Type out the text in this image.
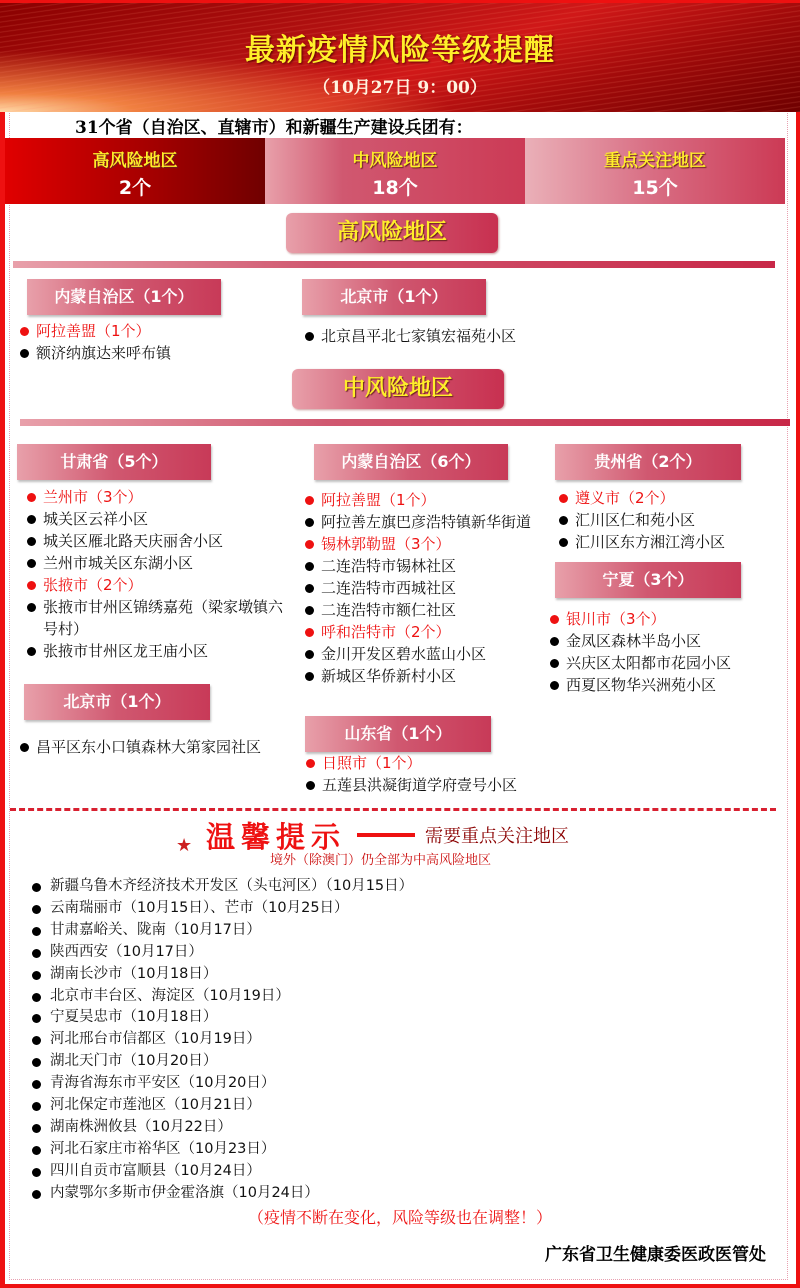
最新疫情风险等级提醒
（10月27日 9：00）
31个省（自治区、直辖市）和新疆生产建设兵团有：
高风险地区
2个
中风险地区
18个
重点关注地区
15个
高风险地区
内蒙自治区（1个）
阿拉善盟（1个）
额济纳旗达来呼布镇
北京市（1个）
北京昌平北七家镇宏福苑小区
中风险地区
甘肃省（5个）
兰州市（3个）
城关区云祥小区
城关区雁北路天庆丽舍小区
兰州市城关区东湖小区
张掖市（2个）
张掖市甘州区锦绣嘉苑（梁家墩镇六号村）
张掖市甘州区龙王庙小区
北京市（1个）
昌平区东小口镇森林大第家园社区
内蒙自治区（6个）
阿拉善盟（1个）
阿拉善左旗巴彦浩特镇新华街道
锡林郭勒盟（3个）
二连浩特市锡林社区
二连浩特市西城社区
二连浩特市额仁社区
呼和浩特市（2个）
金川开发区碧水蓝山小区
新城区华侨新村小区
山东省（1个）
日照市（1个）
五莲县洪凝街道学府壹号小区
贵州省（2个）
遵义市（2个）
汇川区仁和苑小区
汇川区东方湘江湾小区
宁夏（3个）
银川市（3个）
金凤区森林半岛小区
兴庆区太阳都市花园小区
西夏区物华兴洲苑小区
★ 温馨提示	需要重点关注地区
境外（除澳门）仍全部为中高风险地区
新疆乌鲁木齐经济技术开发区（头屯河区）（10月15日）
云南瑞丽市（10月15日）、芒市（10月25日）
甘肃嘉峪关、陇南（10月17日）
陕西西安（10月17日）
湖南长沙市（10月18日）
北京市丰台区、海淀区（10月19日）
宁夏吴忠市（10月18日）
河北邢台市信都区（10月19日）
湖北天门市（10月20日）
青海省海东市平安区（10月20日）
河北保定市莲池区（10月21日）
湖南株洲攸县（10月22日）
河北石家庄市裕华区（10月23日）
四川自贡市富顺县（10月24日）
内蒙鄂尔多斯市伊金霍洛旗（10月24日）
（疫情不断在变化，风险等级也在调整！）
广东省卫生健康委医政医管处
